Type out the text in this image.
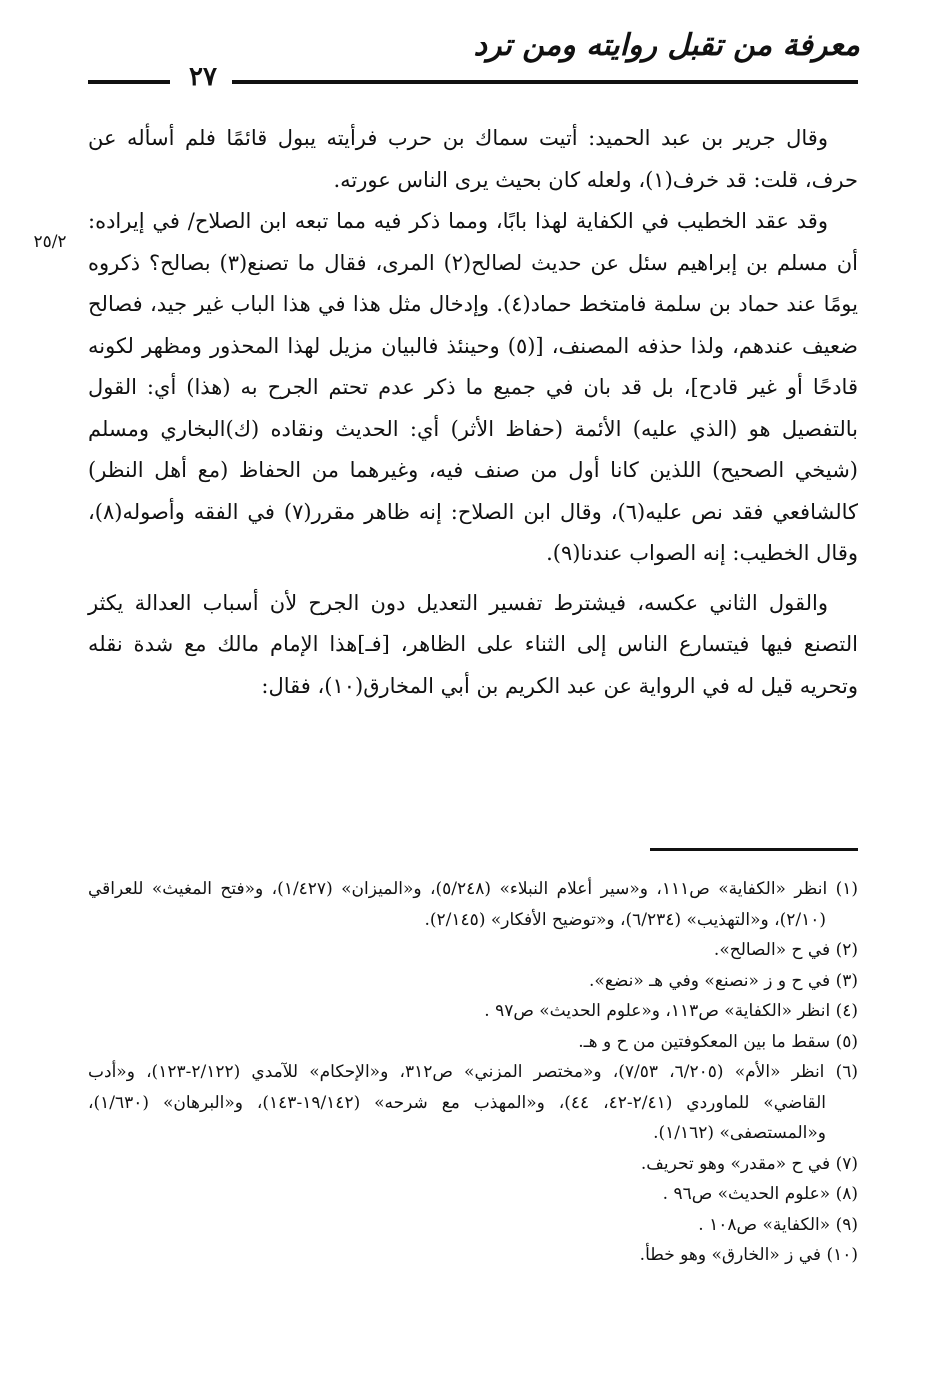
معرفة من تقبل روايته ومن ترد
٢٧
٢٥/٢

وقال جرير بن عبد الحميد: أتيت سماك بن حرب فرأيته يبول قائمًا فلم أسأله عن حرف، قلت: قد خرف(١)، ولعله كان بحيث يرى الناس عورته.

وقد عقد الخطيب في الكفاية لهذا بابًا، ومما ذكر فيه مما تبعه ابن الصلاح/ في إيراده: أن مسلم بن إبراهيم سئل عن حديث لصالح(٢) المرى، فقال ما تصنع(٣) بصالح؟ ذكروه يومًا عند حماد بن سلمة فامتخط حماد(٤). وإدخال مثل هذا في هذا الباب غير جيد، فصالح ضعيف عندهم، ولذا حذفه المصنف، [(٥) وحينئذ فالبيان مزيل لهذا المحذور ومظهر لكونه قادحًا أو غير قادح]، بل قد بان في جميع ما ذكر عدم تحتم الجرح به (هذا) أي: القول بالتفصيل هو (الذي عليه) الأئمة (حفاظ الأثر) أي: الحديث ونقاده (ك)البخاري ومسلم (شيخي الصحيح) اللذين كانا أول من صنف فيه، وغيرهما من الحفاظ (مع أهل النظر) كالشافعي فقد نص عليه(٦)، وقال ابن الصلاح: إنه ظاهر مقرر(٧) في الفقه وأصوله(٨)، وقال الخطيب: إنه الصواب عندنا(٩).

والقول الثاني عكسه، فيشترط تفسير التعديل دون الجرح لأن أسباب العدالة يكثر التصنع فيها فيتسارع الناس إلى الثناء على الظاهر، [فـ]هذا الإمام مالك مع شدة نقله وتحريه قيل له في الرواية عن عبد الكريم بن أبي المخارق(١٠)، فقال:

(١) انظر «الكفاية» ص١١١، و«سير أعلام النبلاء» (٥/٢٤٨)، و«الميزان» (١/٤٢٧)، و«فتح المغيث» للعراقي (٢/١٠)، و«التهذيب» (٦/٢٣٤)، و«توضيح الأفكار» (٢/١٤٥).
(٢) في ح «الصالح».
(٣) في ح و ز «نصنع» وفي هـ «نضع».
(٤) انظر «الكفاية» ص١١٣، و«علوم الحديث» ص٩٧ .
(٥) سقط ما بين المعكوفتين من ح و هـ.
(٦) انظر «الأم» (٦/٢٠٥، ٧/٥٣)، و«مختصر المزني» ص٣١٢، و«الإحكام» للآمدي (٢/١٢٢-١٢٣)، و«أدب القاضي» للماوردي (٢/٤١-٤٢، ٤٤)، و«المهذب مع شرحه» (١٩/١٤٢-١٤٣)، و«البرهان» (١/٦٣٠)، و«المستصفى» (١/١٦٢).
(٧) في ح «مقدر» وهو تحريف.
(٨) «علوم الحديث» ص٩٦ .
(٩) «الكفاية» ص١٠٨ .
(١٠) في ز «الخارق» وهو خطأ.
